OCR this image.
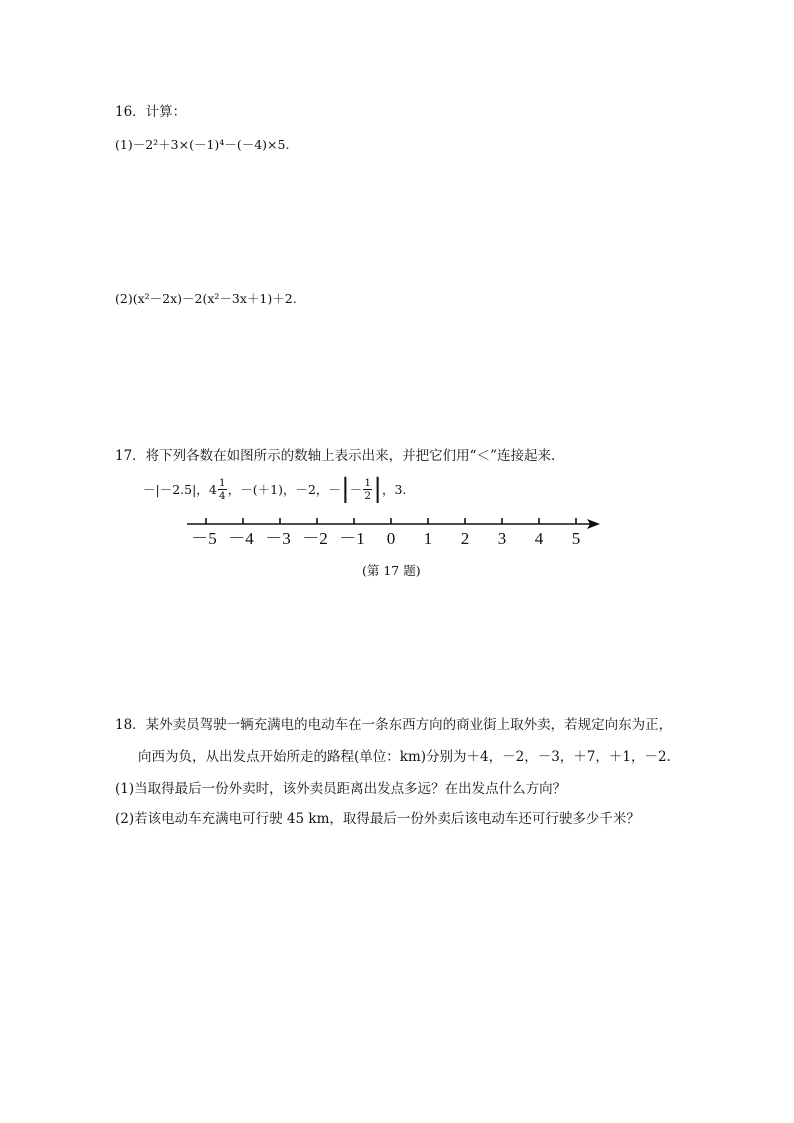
16．计算：
(1)－2²＋3×(－1)⁴－(－4)×5.
(2)(x²－2x)－2(x²－3x＋1)＋2.
17．将下列各数在如图所示的数轴上表示出来，并把它们用“＜”连接起来.
－|－2.5|，$4 \frac{1}{4}$ ，－(＋1)，－2，－|－ $\frac{1}{2}$ |，3.
－5 －4 －3 －2 －1 0 1 2 3 4 5
(第 17 题)
18．某外卖员驾驶一辆充满电的电动车在一条东西方向的商业街上取外卖，若规定向东为正，
向西为负，从出发点开始所走的路程(单位：km)分别为＋4，－2，－3，＋7，＋1，－2.
(1)当取得最后一份外卖时，该外卖员距离出发点多远？在出发点什么方向？
(2)若该电动车充满电可行驶 45 km，取得最后一份外卖后该电动车还可行驶多少千米？
